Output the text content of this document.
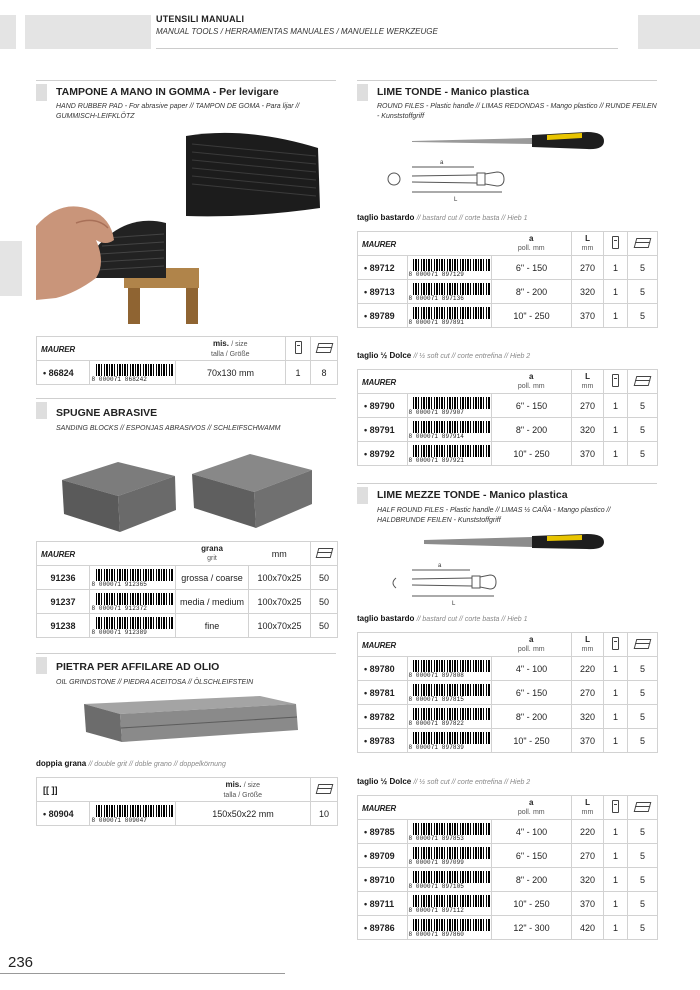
UTENSILI MANUALI
MANUAL TOOLS / HERRAMIENTAS MANUALES / MANUELLE WERKZEUGE
TAMPONE A MANO IN GOMMA - Per levigare
HAND RUBBER PAD - For abrasive paper // TAMPON DE GOMA - Para lijar // GUMMISCH-LEIFKLÖTZ
MAURER		mis. / size
talla / Größe		

• 86824	8 000071 868242	70x130 mm	1	8
SPUGNE ABRASIVE
SANDING BLOCKS // ESPONJAS ABRASIVOS // SCHLEIFSCHWAMM
MAURER		grana
grit	mm	
91236	8 000071 912365	grossa / coarse	100x70x25	50
91237	8 000071 912372	media / medium	100x70x25	50
91238	8 000071 912389	fine	100x70x25	50
PIETRA PER AFFILARE AD OLIO
OIL GRINDSTONE // PIEDRA ACEITOSA // ÖLSCHLEIFSTEIN
doppia grana // double grit // doble grano // doppelkörnung
[[ ]]		mis. / size
talla / Größe	

• 80904	8 000071 809047	150x50x22 mm	10
LIME TONDE - Manico plastica
ROUND FILES - Plastic handle // LIMAS REDONDAS - Mango plastico // RUNDE FEILEN - Kunststoffgriff
a
L
taglio bastardo // bastard cut // corte basta // Hieb 1
MAURER		a
poll. mm	L
mm		

• 89712	8 000071 897129	6" - 150	270	1	5
• 89713	8 000071 897136	8" - 200	320	1	5
• 89789	8 000071 897891	10" - 250	370	1	5
MAURER		a
poll. mm	L
mm		

• 89790	8 000071 897907	6" - 150	270	1	5
• 89791	8 000071 897914	8" - 200	320	1	5
• 89792	8 000071 897921	10" - 250	370	1	5
MAURER		a
poll. mm	L
mm		

• 89780	8 000071 897808	4" - 100	220	1	5
• 89781	8 000071 897815	6" - 150	270	1	5
• 89782	8 000071 897822	8" - 200	320	1	5
• 89783	8 000071 897839	10" - 250	370	1	5
MAURER		a
poll. mm	L
mm		

• 89785	8 000071 897853	4" - 100	220	1	5
• 89709	8 000071 897099	6" - 150	270	1	5
• 89710	8 000071 897105	8" - 200	320	1	5
• 89711	8 000071 897112	10" - 250	370	1	5
• 89786	8 000071 897860	12" - 300	420	1	5
taglio ½ Dolce // ½ soft cut // corte entrefina // Hieb 2
LIME MEZZE TONDE - Manico plastica
HALF ROUND FILES - Plastic handle // LIMAS ½ CAÑA - Mango plastico // HALDBRUNDE FEILEN - Kunststoffgriff
a
L
taglio bastardo // bastard cut // corte basta // Hieb 1
taglio ½ Dolce // ½ soft cut // corte entrefina // Hieb 2
236
